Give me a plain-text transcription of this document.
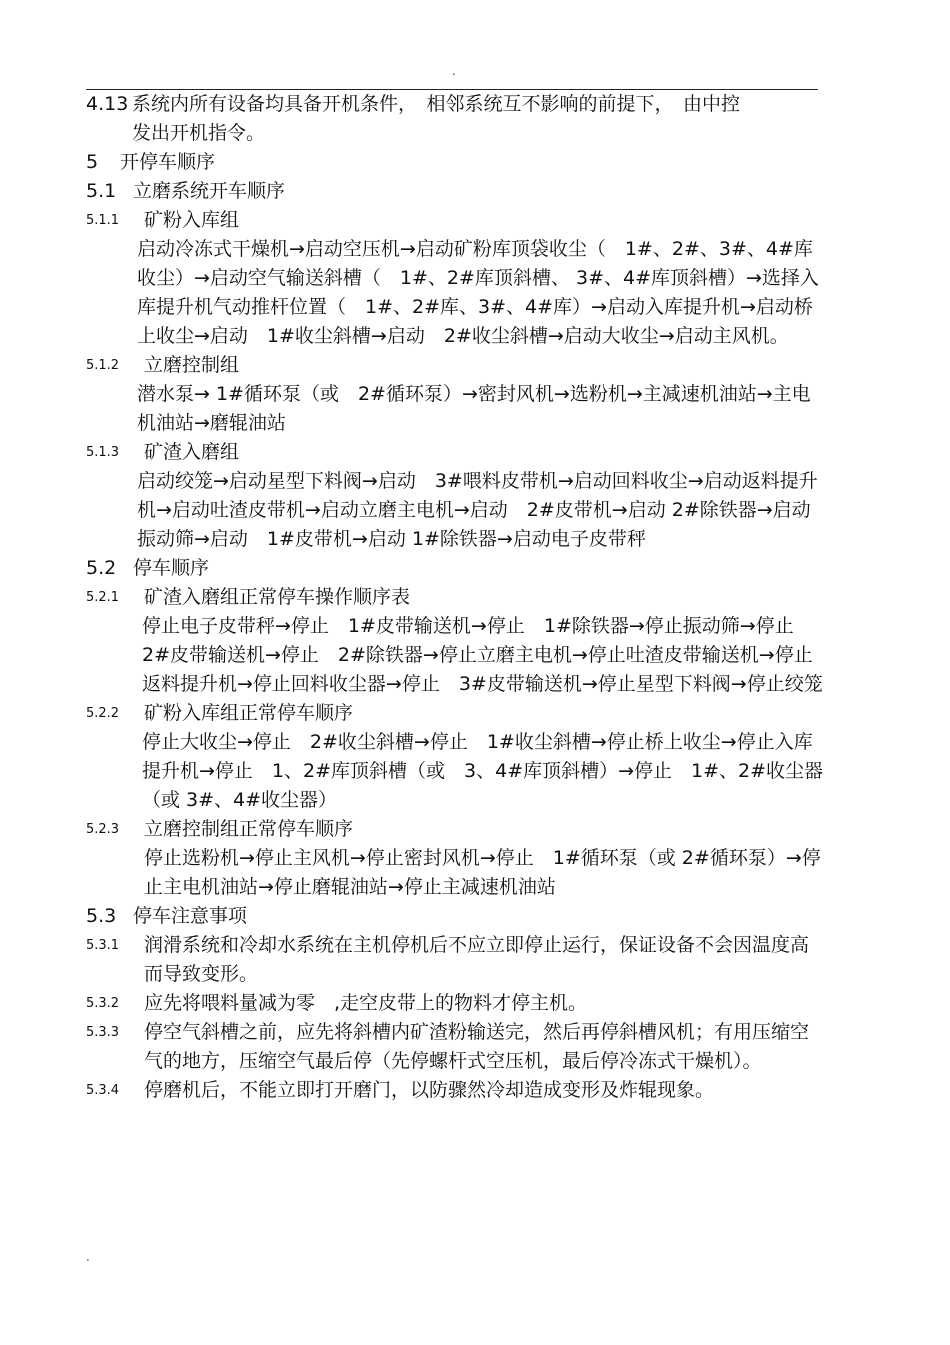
.
4.13 系统内所有设备均具备开机条件，　相邻系统互不影响的前提下，　由中控

发出开机指令。

5	开停车顺序
5.1 立磨系统开车顺序
5.1.1	矿粉入库组

启动冷冻式干燥机→启动空压机→启动矿粉库顶袋收尘（　1#、2#、3#、4#库收尘）→启动空气输送斜槽（　1#、2#库顶斜槽、 3#、4#库顶斜槽）→选择入库提升机气动推杆位置（　1#、2#库、3#、4#库）→启动入库提升机→启动桥上收尘→启动　1#收尘斜槽→启动　2#收尘斜槽→启动大收尘→启动主风机。

5.1.2	立磨控制组

潜水泵→ 1#循环泵（或　2#循环泵）→密封风机→选粉机→主减速机油站→主电机油站→磨辊油站

5.1.3	矿渣入磨组

启动绞笼→启动星型下料阀→启动　3#喂料皮带机→启动回料收尘→启动返料提升机→启动吐渣皮带机→启动立磨主电机→启动　2#皮带机→启动 2#除铁器→启动振动筛→启动　1#皮带机→启动 1#除铁器→启动电子皮带秤

5.2 停车顺序
5.2.1	矿渣入磨组正常停车操作顺序表

停止电子皮带秤→停止　1#皮带输送机→停止　1#除铁器→停止振动筛→停止 2#皮带输送机→停止　2#除铁器→停止立磨主电机→停止吐渣皮带输送机→停止返料提升机→停止回料收尘器→停止　3#皮带输送机→停止星型下料阀→停止绞笼

5.2.2	矿粉入库组正常停车顺序

停止大收尘→停止　2#收尘斜槽→停止　1#收尘斜槽→停止桥上收尘→停止入库提升机→停止　1、2#库顶斜槽（或　3、4#库顶斜槽）→停止　1#、2#收尘器（或 3#、4#收尘器）

5.2.3	立磨控制组正常停车顺序

停止选粉机→停止主风机→停止密封风机→停止　1#循环泵（或 2#循环泵）→停止主电机油站→停止磨辊油站→停止主减速机油站

5.3 停车注意事项
5.3.1	润滑系统和冷却水系统在主机停机后不应立即停止运行，保证设备不会因温度高而导致变形。

5.3.2	应先将喂料量减为零　,走空皮带上的物料才停主机。

5.3.3	停空气斜槽之前，应先将斜槽内矿渣粉输送完，然后再停斜槽风机；有用压缩空气的地方，压缩空气最后停（先停螺杆式空压机，最后停冷冻式干燥机）。

5.3.4	停磨机后，不能立即打开磨门，以防骤然冷却造成变形及炸辊现象。

.
